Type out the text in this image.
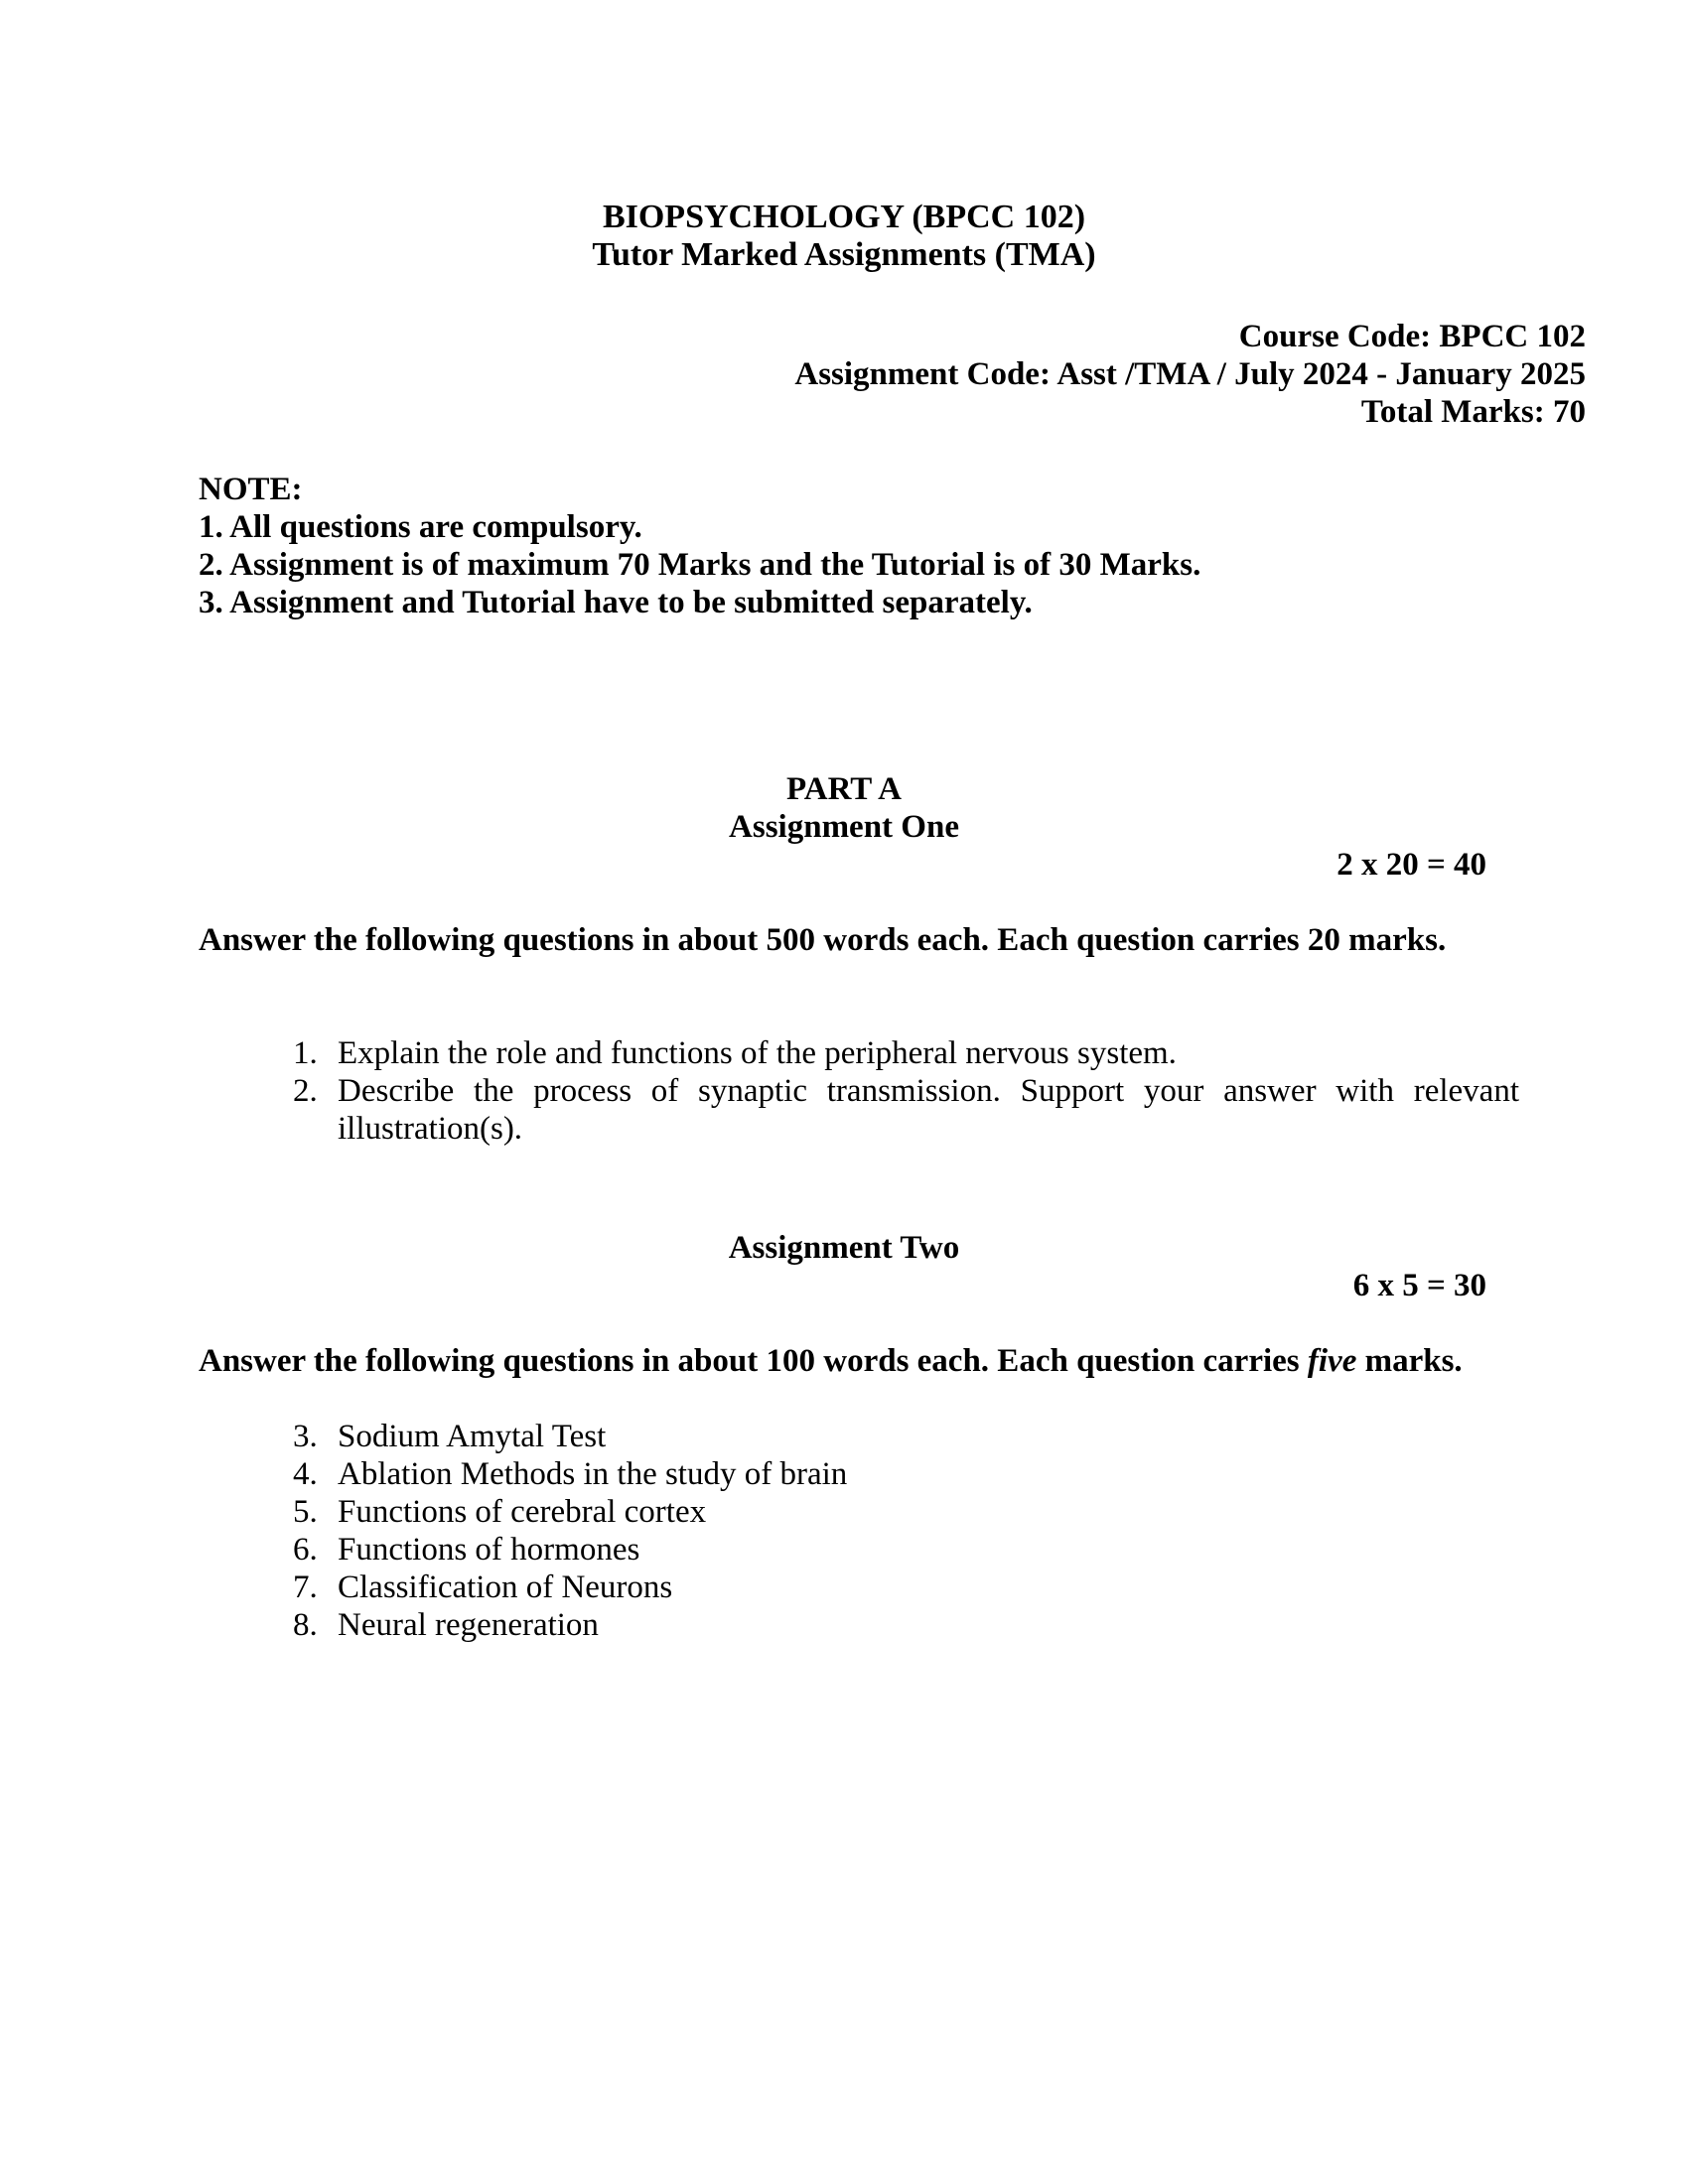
BIOPSYCHOLOGY (BPCC 102)
Tutor Marked Assignments (TMA)
Course Code: BPCC 102
Assignment Code: Asst /TMA / July 2024 - January 2025
Total Marks: 70
NOTE:
1. All questions are compulsory.
2. Assignment is of maximum 70 Marks and the Tutorial is of 30 Marks.
3. Assignment and Tutorial have to be submitted separately.
PART A
Assignment One
2 x 20 = 40
Answer the following questions in about 500 words each. Each question carries 20 marks.
1. Explain the role and functions of the peripheral nervous system.
2. Describe the process of synaptic transmission. Support your answer with relevant illustration(s).
Assignment Two
6 x 5 = 30
Answer the following questions in about 100 words each. Each question carries five marks.
3. Sodium Amytal Test
4. Ablation Methods in the study of brain
5. Functions of cerebral cortex
6. Functions of hormones
7. Classification of Neurons
8. Neural regeneration
